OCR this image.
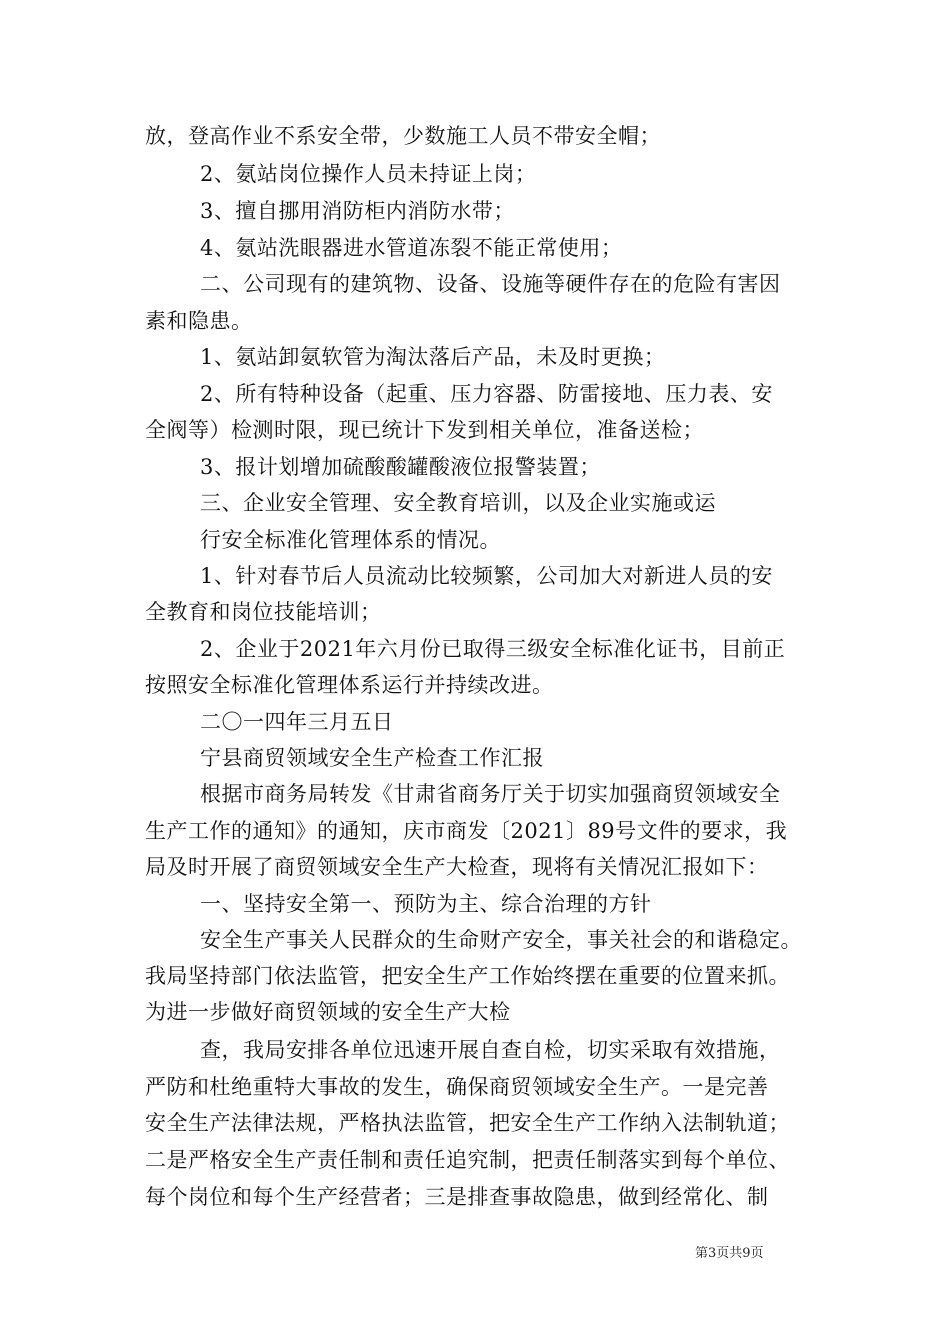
放，登高作业不系安全带，少数施工人员不带安全帽；
2、氨站岗位操作人员未持证上岗；
3、擅自挪用消防柜内消防水带；
4、氨站洗眼器进水管道冻裂不能正常使用；
二、公司现有的建筑物、设备、设施等硬件存在的危险有害因
素和隐患。
1、氨站卸氨软管为淘汰落后产品，未及时更换；
2、所有特种设备（起重、压力容器、防雷接地、压力表、安
全阀等）检测时限，现已统计下发到相关单位，准备送检；
3、报计划增加硫酸酸罐酸液位报警装置；
三、企业安全管理、安全教育培训，以及企业实施或运
行安全标准化管理体系的情况。
1、针对春节后人员流动比较频繁，公司加大对新进人员的安
全教育和岗位技能培训；
2、企业于2021年六月份已取得三级安全标准化证书，目前正
按照安全标准化管理体系运行并持续改进。
二〇一四年三月五日
宁县商贸领域安全生产检查工作汇报
根据市商务局转发《甘肃省商务厅关于切实加强商贸领域安全
生产工作的通知》的通知，庆市商发〔2021〕89号文件的要求，我
局及时开展了商贸领域安全生产大检查，现将有关情况汇报如下：
一、坚持安全第一、预防为主、综合治理的方针
安全生产事关人民群众的生命财产安全，事关社会的和谐稳定。
我局坚持部门依法监管，把安全生产工作始终摆在重要的位置来抓。
为进一步做好商贸领域的安全生产大检
查，我局安排各单位迅速开展自查自检，切实采取有效措施，
严防和杜绝重特大事故的发生，确保商贸领域安全生产。一是完善
安全生产法律法规，严格执法监管，把安全生产工作纳入法制轨道；
二是严格安全生产责任制和责任追究制，把责任制落实到每个单位、
每个岗位和每个生产经营者；三是排查事故隐患，做到经常化、制
第3页共9页
